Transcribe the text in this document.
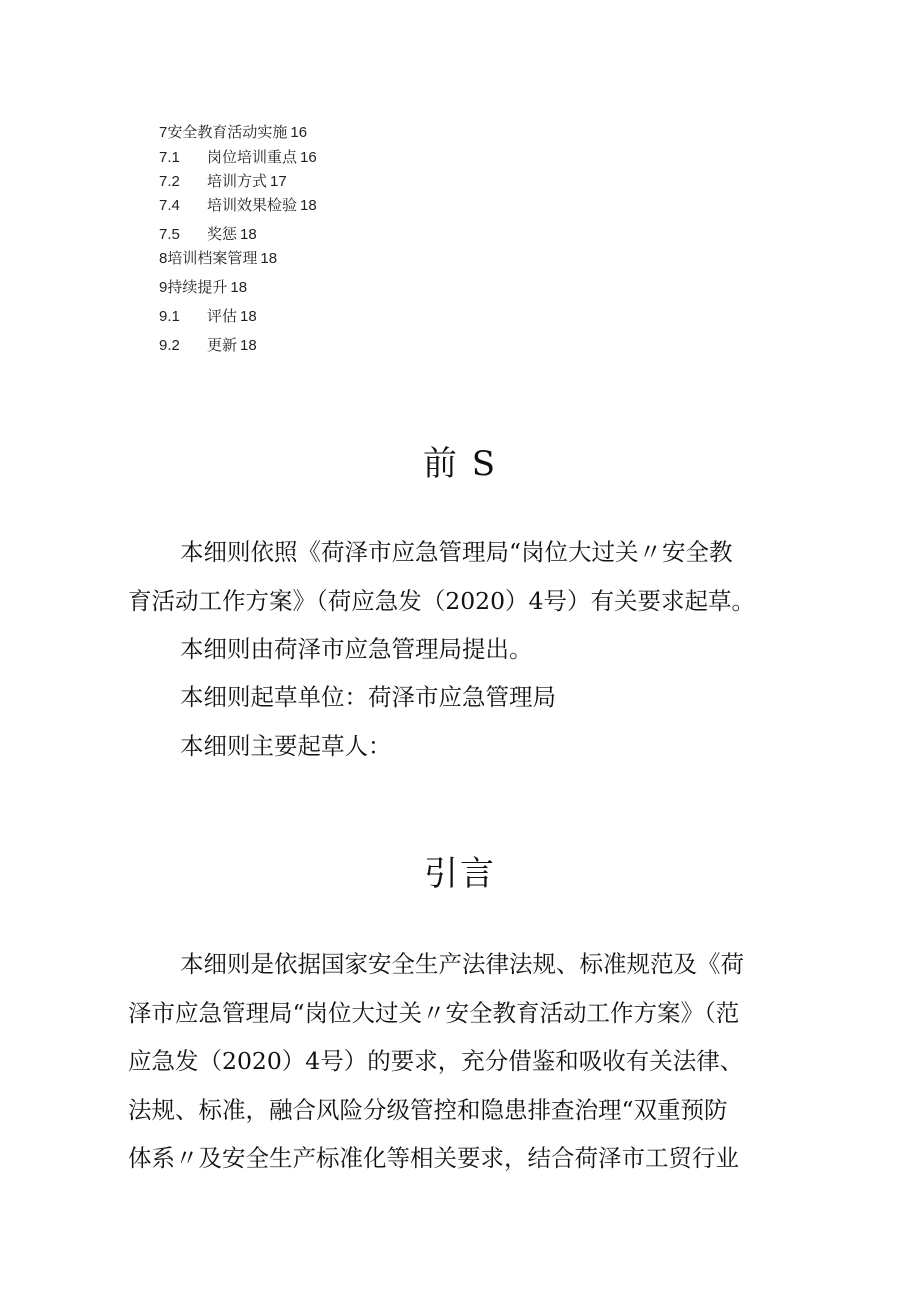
7安全教育活动实施 16
7.1 岗位培训重点 16
7.2 培训方式 17
7.4 培训效果检验 18
7.5 奖惩 18
8培训档案管理 18
9持续提升 18
9.1 评估 18
9.2 更新 18
前 S
本细则依照《荷泽市应急管理局“岗位大过关〃安全教
育活动工作方案》（荷应急发（2020）4号）有关要求起草。
本细则由荷泽市应急管理局提出。
本细则起草单位：荷泽市应急管理局
本细则主要起草人：
引言
本细则是依据国家安全生产法律法规、标准规范及《荷
泽市应急管理局“岗位大过关〃安全教育活动工作方案》（范
应急发（2020）4号）的要求，充分借鉴和吸收有关法律、
法规、标准，融合风险分级管控和隐患排查治理“双重预防
体系〃及安全生产标准化等相关要求，结合荷泽市工贸行业
